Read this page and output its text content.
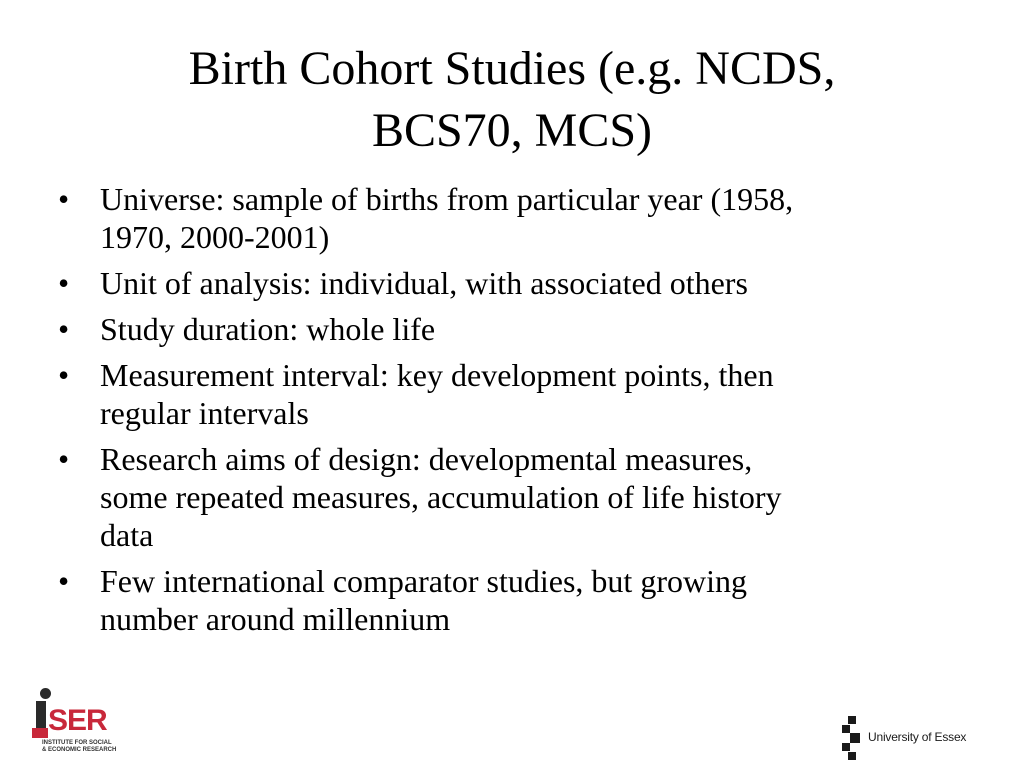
Birth Cohort Studies (e.g. NCDS,
BCS70, MCS)
• Universe: sample of births from particular year (1958,
1970, 2000-2001)
• Unit of analysis: individual, with associated others
• Study duration: whole life
• Measurement interval: key development points, then
regular intervals
• Research aims of design: developmental measures,
some repeated measures, accumulation of life history
data
• Few international comparator studies, but growing
number around millennium
SER
INSTITUTE FOR SOCIAL
& ECONOMIC RESEARCH
University of Essex
